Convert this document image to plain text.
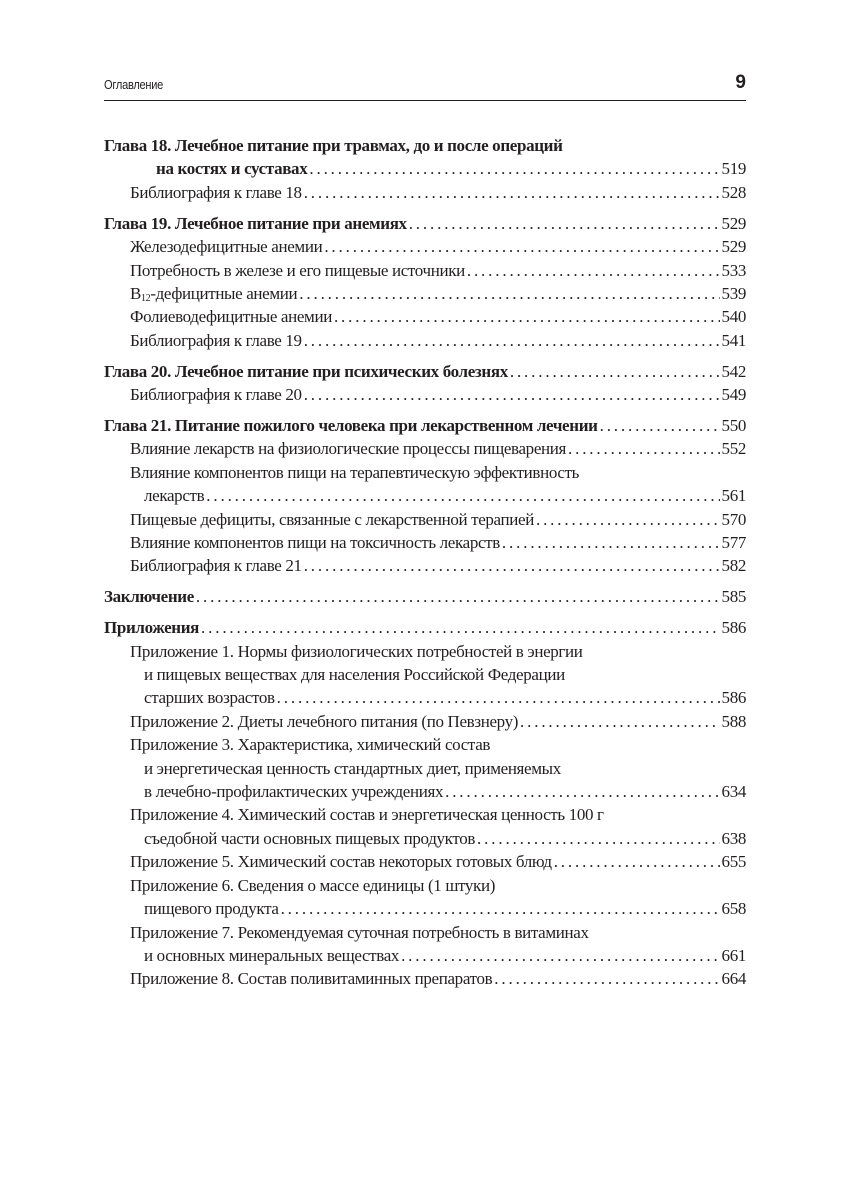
Оглавление	9
Глава 18. Лечебное питание при травмах, до и после операций
на костях и суставах . . .	519
Библиография к главе 18 . . .	528
Глава 19. Лечебное питание при анемиях . . .	529
Железодефицитные анемии . . .	529
Потребность в железе и его пищевые источники . . .	533
$B_{12}$-дефицитные анемии . . .	539
Фолиеводефицитные анемии . . .	540
Библиография к главе 19 . . .	541
Глава 20. Лечебное питание при психических болезнях . . .	542
Библиография к главе 20 . . .	549
Глава 21. Питание пожилого человека при лекарственном лечении . . .	550
Влияние лекарств на физиологические процессы пищеварения . . .	552
Влияние компонентов пищи на терапевтическую эффективность
лекарств . . .	561
Пищевые дефициты, связанные с лекарственной терапией . . .	570
Влияние компонентов пищи на токсичность лекарств . . .	577
Библиография к главе 21 . . .	582
Заключение . . .	585
Приложения . . .	586
Приложение 1. Нормы физиологических потребностей в энергии
и пищевых веществах для населения Российской Федерации
старших возрастов . . .	586
Приложение 2. Диеты лечебного питания (по Певзнеру) . . .	588
Приложение 3. Характеристика, химический состав
и энергетическая ценность стандартных диет, применяемых
в лечебно-профилактических учреждениях . . .	634
Приложение 4. Химический состав и энергетическая ценность 100 г
съедобной части основных пищевых продуктов . . .	638
Приложение 5. Химический состав некоторых готовых блюд . . .	655
Приложение 6. Сведения о массе единицы (1 штуки)
пищевого продукта . . .	658
Приложение 7. Рекомендуемая суточная потребность в витаминах
и основных минеральных веществах . . .	661
Приложение 8. Состав поливитаминных препаратов . . .	664
